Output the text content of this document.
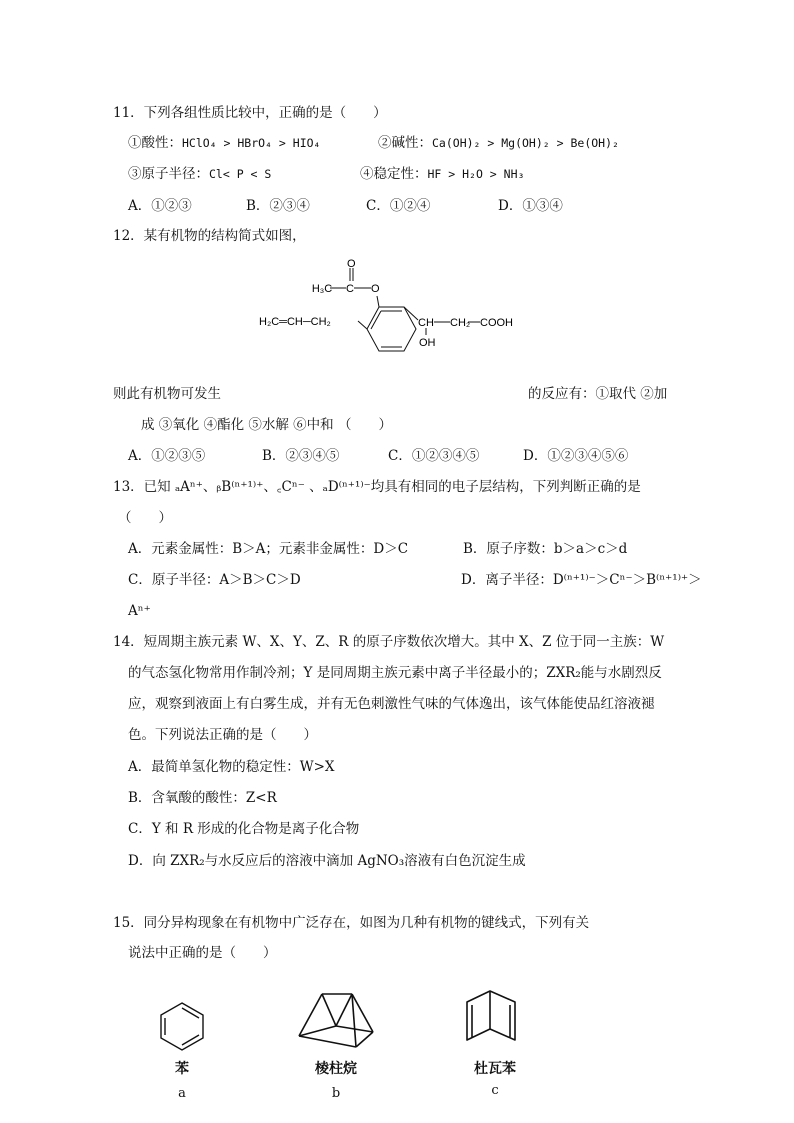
11．下列各组性质比较中，正确的是（　　）
①酸性：HClO₄ > HBrO₄ > HIO₄	②碱性：Ca(OH)₂ > Mg(OH)₂ > Be(OH)₂
③原子半径：Cl< P < S	④稳定性：HF > H₂O > NH₃
A．①②③	B．②③④	C．①②④	D．①③④
12．某有机物的结构简式如图，
O
H₃C C O
H₂C═CH─CH₂	CH CH₂ COOH
OH
则此有机物可发生	的反应有：①取代 ②加
成 ③氧化 ④酯化 ⑤水解 ⑥中和 （　　）
A．①②③⑤	B．②③④⑤	C．①②③④⑤	D．①②③④⑤⑥
13．已知 ₐAⁿ⁺、ᵦB⁽ⁿ⁺¹⁾⁺、꜀Cⁿ⁻ 、ₐD⁽ⁿ⁺¹⁾⁻均具有相同的电子层结构，下列判断正确的是
（　　）
A．元素金属性：B＞A；元素非金属性：D＞C	B．原子序数：b＞a＞c＞d
C．原子半径：A＞B＞C＞D	D．离子半径：D⁽ⁿ⁺¹⁾⁻＞Cⁿ⁻＞B⁽ⁿ⁺¹⁾⁺＞
Aⁿ⁺
14．短周期主族元素 W、X、Y、Z、R 的原子序数依次增大。其中 X、Z 位于同一主族：W
的气态氢化物常用作制冷剂；Y 是同周期主族元素中离子半径最小的；ZXR₂能与水剧烈反
应，观察到液面上有白雾生成，并有无色刺激性气味的气体逸出，该气体能使品红溶液褪
色。下列说法正确的是（　　）
A．最简单氢化物的稳定性：W>X
B．含氧酸的酸性：Z<R
C．Y 和 R 形成的化合物是离子化合物
D．向 ZXR₂与水反应后的溶液中滴加 AgNO₃溶液有白色沉淀生成
15．同分异构现象在有机物中广泛存在，如图为几种有机物的键线式，下列有关
说法中正确的是（　　）
苯
a
棱柱烷
b
杜瓦苯
c
